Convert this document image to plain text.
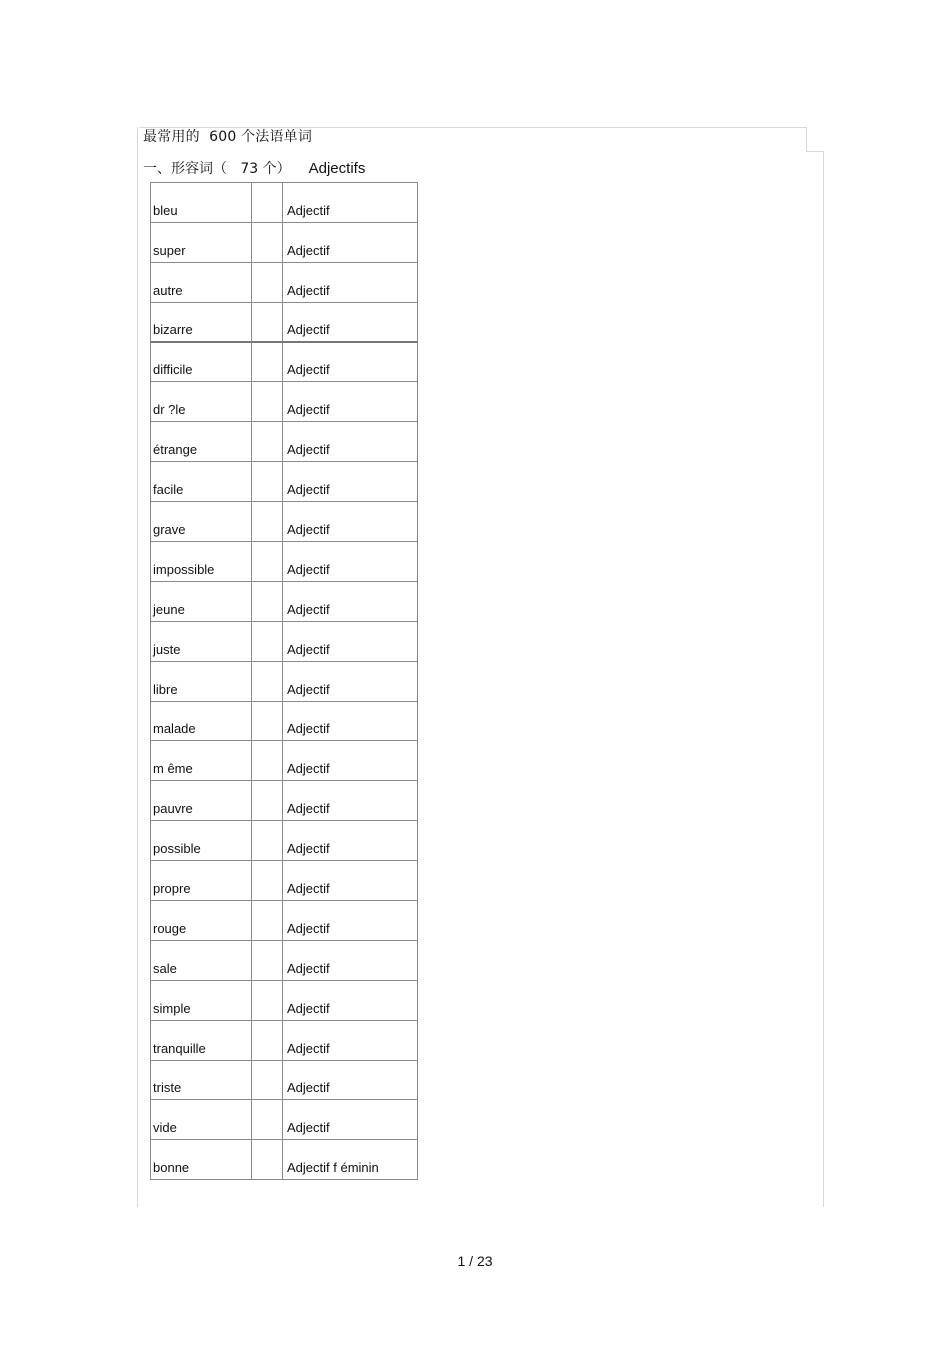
最常用的  600 个法语单词
一、形容词（   73 个） Adjectifs
bleu		Adjectif
super		Adjectif
autre		Adjectif
bizarre		Adjectif
difficile		Adjectif
dr ?le		Adjectif
étrange		Adjectif
facile		Adjectif
grave		Adjectif
impossible		Adjectif
jeune		Adjectif
juste		Adjectif
libre		Adjectif
malade		Adjectif
m ême		Adjectif
pauvre		Adjectif
possible		Adjectif
propre		Adjectif
rouge		Adjectif
sale		Adjectif
simple		Adjectif
tranquille		Adjectif
triste		Adjectif
vide		Adjectif
bonne		Adjectif f éminin
1 / 23
